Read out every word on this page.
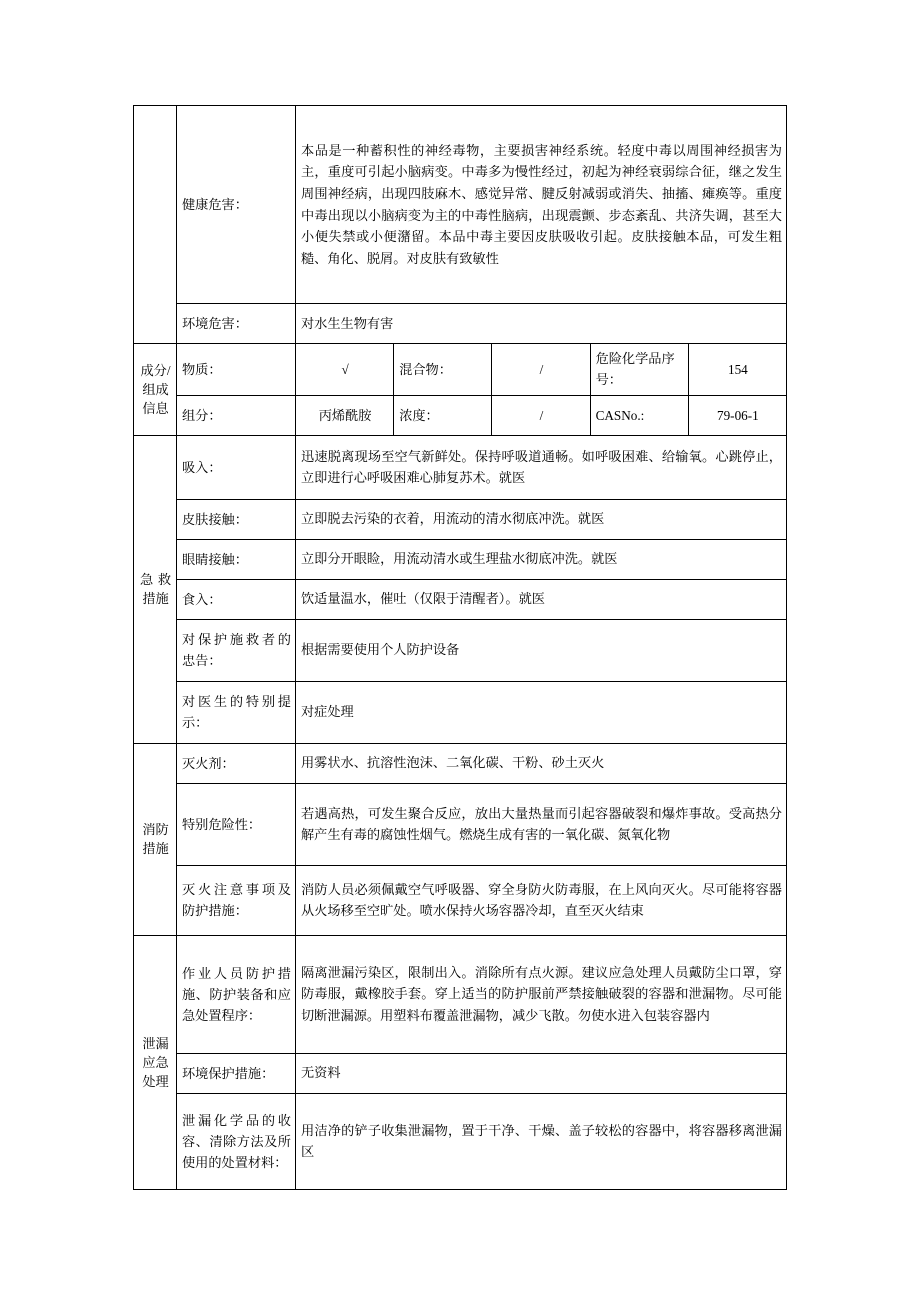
	健康危害：	本品是一种蓄积性的神经毒物，主要损害神经系统。轻度中毒以周围神经损害为主，重度可引起小脑病变。中毒多为慢性经过，初起为神经衰弱综合征，继之发生周围神经病，出现四肢麻木、感觉异常、腱反射减弱或消失、抽搐、瘫痪等。重度中毒出现以小脑病变为主的中毒性脑病，出现震颤、步态紊乱、共济失调，甚至大小便失禁或小便潴留。本品中毒主要因皮肤吸收引起。皮肤接触本品，可发生粗糙、角化、脱屑。对皮肤有致敏性				

	环境危害：	对水生生物有害				

成分/
组成
信息	物质：	√	混合物：	/	危险化学品序号：	154
	组分：	丙烯酰胺	浓度：	/	CASNo.:	79-06-1

急 救
措施	吸入：	迅速脱离现场至空气新鲜处。保持呼吸道通畅。如呼吸困难、给输氧。心跳停止，立即进行心呼吸困难心肺复苏术。就医				

	皮肤接触：	立即脱去污染的衣着，用流动的清水彻底冲洗。就医				

	眼睛接触：	立即分开眼睑，用流动清水或生理盐水彻底冲洗。就医				

	食入：	饮适量温水，催吐（仅限于清醒者）。就医				

	对保护施救者的
忠告：	根据需要使用个人防护设备				

	对医生的特别提
示：	对症处理				

消防
措施	灭火剂：	用雾状水、抗溶性泡沫、二氧化碳、干粉、砂土灭火				

	特别危险性：	若遇高热，可发生聚合反应，放出大量热量而引起容器破裂和爆炸事故。受高热分解产生有毒的腐蚀性烟气。燃烧生成有害的一氧化碳、氮氧化物				

	灭火注意事项及
防护措施：	消防人员必须佩戴空气呼吸器、穿全身防火防毒服，在上风向灭火。尽可能将容器从火场移至空旷处。喷水保持火场容器冷却，直至灭火结束				

泄漏
应急
处理	作业人员防护措
施、防护装备和应
急处置程序：	隔离泄漏污染区，限制出入。消除所有点火源。建议应急处理人员戴防尘口罩，穿防毒服，戴橡胶手套。穿上适当的防护服前严禁接触破裂的容器和泄漏物。尽可能切断泄漏源。用塑料布覆盖泄漏物，减少飞散。勿使水进入包装容器内				

	环境保护措施：	无资料				

	泄漏化学品的收
容、清除方法及所
使用的处置材料：	用洁净的铲子收集泄漏物，置于干净、干燥、盖子较松的容器中，将容器移离泄漏区				
